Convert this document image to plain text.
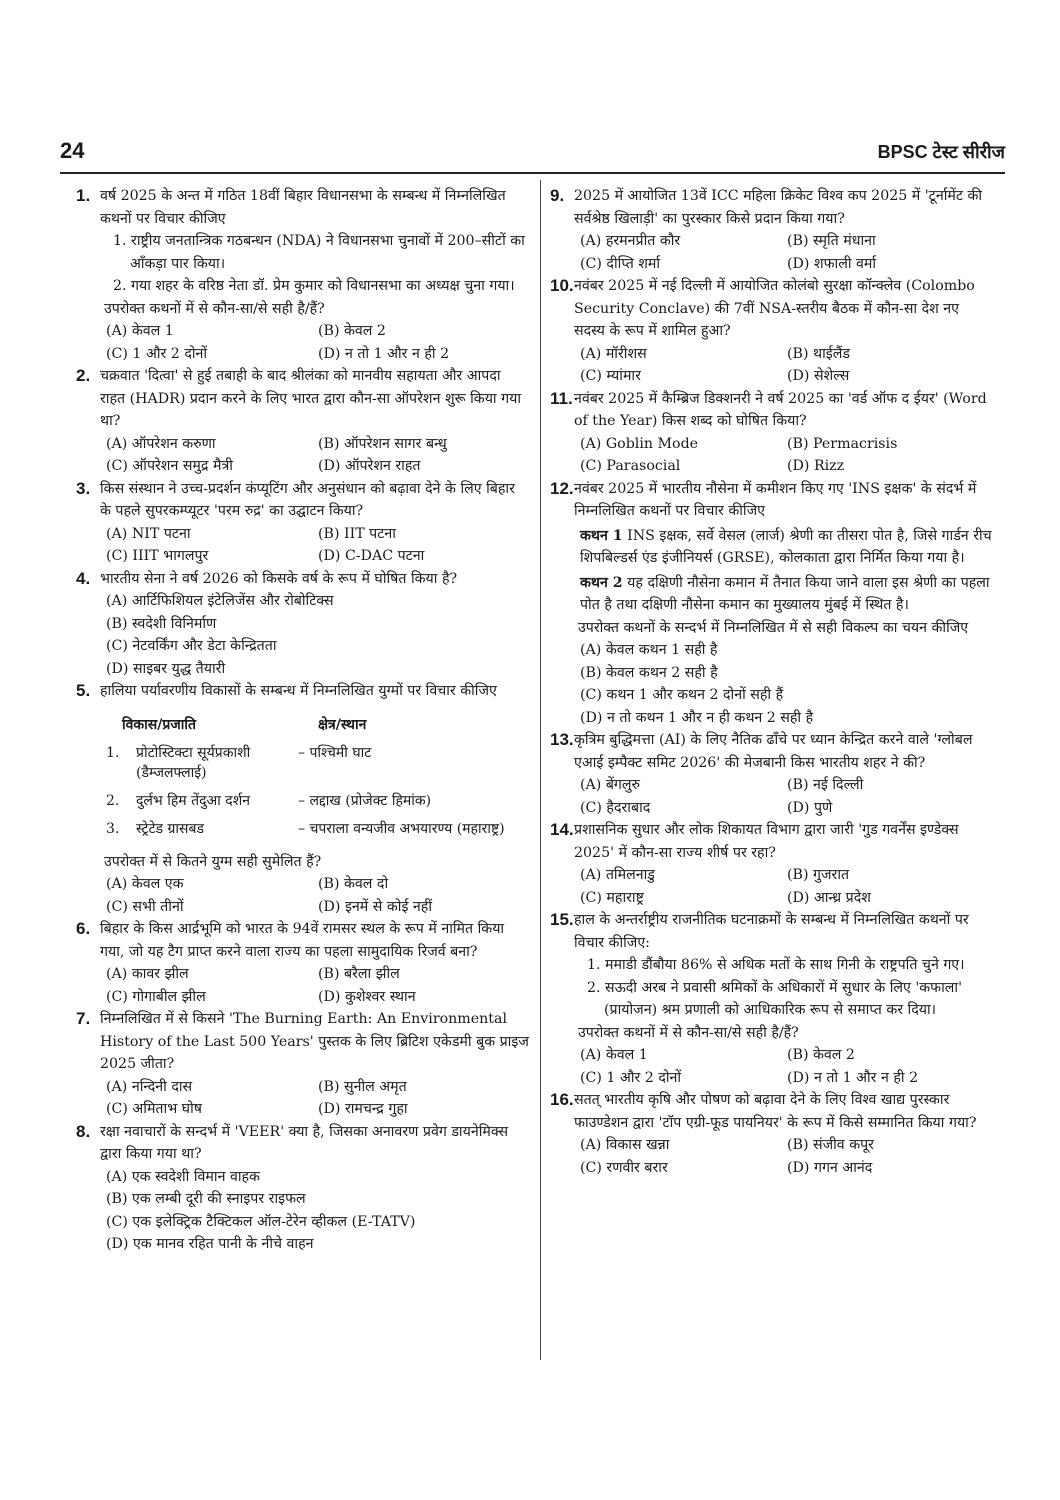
24	BPSC टेस्ट सीरीज
1. वर्ष 2025 के अन्त में गठित 18वीं बिहार विधानसभा के सम्बन्ध में निम्नलिखित कथनों पर विचार कीजिए
1. राष्ट्रीय जनतान्त्रिक गठबन्धन (NDA) ने विधानसभा चुनावों में 200–सीटों का आँकड़ा पार किया।
2. गया शहर के वरिष्ठ नेता डॉ. प्रेम कुमार को विधानसभा का अध्यक्ष चुना गया।
उपरोक्त कथनों में से कौन-सा/से सही है/हैं?
(A) केवल 1	(B) केवल 2
(C) 1 और 2 दोनों	(D) न तो 1 और न ही 2
2. चक्रवात 'दित्वा' से हुई तबाही के बाद श्रीलंका को मानवीय सहायता और आपदा राहत (HADR) प्रदान करने के लिए भारत द्वारा कौन-सा ऑपरेशन शुरू किया गया था?
(A) ऑपरेशन करुणा	(B) ऑपरेशन सागर बन्धु
(C) ऑपरेशन समुद्र मैत्री	(D) ऑपरेशन राहत
3. किस संस्थान ने उच्च-प्रदर्शन कंप्यूटिंग और अनुसंधान को बढ़ावा देने के लिए बिहार के पहले सुपरकम्प्यूटर 'परम रुद्र' का उद्घाटन किया?
(A) NIT पटना	(B) IIT पटना
(C) IIIT भागलपुर	(D) C-DAC पटना
4. भारतीय सेना ने वर्ष 2026 को किसके वर्ष के रूप में घोषित किया है?
(A) आर्टिफिशियल इंटेलिजेंस और रोबोटिक्स
(B) स्वदेशी विनिर्माण
(C) नेटवर्किंग और डेटा केन्द्रितता
(D) साइबर युद्ध तैयारी
5. हालिया पर्यावरणीय विकासों के सम्बन्ध में निम्नलिखित युग्मों पर विचार कीजिए
विकास/प्रजाति		क्षेत्र/स्थान
1.	प्रोटोस्टिक्टा सूर्यप्रकाशी (डैम्जलफ्लाई)	– पश्चिमी घाट
2.	दुर्लभ हिम तेंदुआ दर्शन	– लद्दाख (प्रोजेक्ट हिमांक)
3.	स्ट्रेटेड ग्रासबड	– चपराला वन्यजीव अभयारण्य (महाराष्ट्र)
उपरोक्त में से कितने युग्म सही सुमेलित हैं?
(A) केवल एक	(B) केवल दो
(C) सभी तीनों	(D) इनमें से कोई नहीं
6. बिहार के किस आर्द्रभूमि को भारत के 94वें रामसर स्थल के रूप में नामित किया गया, जो यह टैग प्राप्त करने वाला राज्य का पहला सामुदायिक रिजर्व बना?
(A) कावर झील	(B) बरैला झील
(C) गोगाबील झील	(D) कुशेश्वर स्थान
7. निम्नलिखित में से किसने 'The Burning Earth: An Environmental History of the Last 500 Years' पुस्तक के लिए ब्रिटिश एकेडमी बुक प्राइज 2025 जीता?
(A) नन्दिनी दास	(B) सुनील अमृत
(C) अमिताभ घोष	(D) रामचन्द्र गुहा
8. रक्षा नवाचारों के सन्दर्भ में 'VEER' क्या है, जिसका अनावरण प्रवेग डायनेमिक्स द्वारा किया गया था?
(A) एक स्वदेशी विमान वाहक
(B) एक लम्बी दूरी की स्नाइपर राइफल
(C) एक इलेक्ट्रिक टैक्टिकल ऑल-टेरेन व्हीकल (E-TATV)
(D) एक मानव रहित पानी के नीचे वाहन
9. 2025 में आयोजित 13वें ICC महिला क्रिकेट विश्व कप 2025 में 'टूर्नामेंट की सर्वश्रेष्ठ खिलाड़ी' का पुरस्कार किसे प्रदान किया गया?
(A) हरमनप्रीत कौर	(B) स्मृति मंधाना
(C) दीप्ति शर्मा	(D) शफाली वर्मा
10. नवंबर 2025 में नई दिल्ली में आयोजित कोलंबो सुरक्षा कॉन्क्लेव (Colombo Security Conclave) की 7वीं NSA-स्तरीय बैठक में कौन-सा देश नए सदस्य के रूप में शामिल हुआ?
(A) मॉरीशस	(B) थाईलैंड
(C) म्यांमार	(D) सेशेल्स
11. नवंबर 2025 में कैम्ब्रिज डिक्शनरी ने वर्ष 2025 का 'वर्ड ऑफ द ईयर' (Word of the Year) किस शब्द को घोषित किया?
(A) Goblin Mode	(B) Permacrisis
(C) Parasocial	(D) Rizz
12. नवंबर 2025 में भारतीय नौसेना में कमीशन किए गए 'INS इक्षक' के संदर्भ में निम्नलिखित कथनों पर विचार कीजिए
कथन 1 INS इक्षक, सर्वे वेसल (लार्ज) श्रेणी का तीसरा पोत है, जिसे गार्डन रीच शिपबिल्डर्स एंड इंजीनियर्स (GRSE), कोलकाता द्वारा निर्मित किया गया है।
कथन 2 यह दक्षिणी नौसेना कमान में तैनात किया जाने वाला इस श्रेणी का पहला पोत है तथा दक्षिणी नौसेना कमान का मुख्यालय मुंबई में स्थित है।
उपरोक्त कथनों के सन्दर्भ में निम्नलिखित में से सही विकल्प का चयन कीजिए
(A) केवल कथन 1 सही है
(B) केवल कथन 2 सही है
(C) कथन 1 और कथन 2 दोनों सही हैं
(D) न तो कथन 1 और न ही कथन 2 सही है
13. कृत्रिम बुद्धिमत्ता (AI) के लिए नैतिक ढाँचे पर ध्यान केन्द्रित करने वाले 'ग्लोबल एआई इम्पैक्ट समिट 2026' की मेजबानी किस भारतीय शहर ने की?
(A) बेंगलुरु	(B) नई दिल्ली
(C) हैदराबाद	(D) पुणे
14. प्रशासनिक सुधार और लोक शिकायत विभाग द्वारा जारी 'गुड गवर्नेंस इण्डेक्स 2025' में कौन-सा राज्य शीर्ष पर रहा?
(A) तमिलनाडु	(B) गुजरात
(C) महाराष्ट्र	(D) आन्ध्र प्रदेश
15. हाल के अन्तर्राष्ट्रीय राजनीतिक घटनाक्रमों के सम्बन्ध में निम्नलिखित कथनों पर विचार कीजिए:
1. ममाडी डौंबौया 86% से अधिक मतों के साथ गिनी के राष्ट्रपति चुने गए।
2. सऊदी अरब ने प्रवासी श्रमिकों के अधिकारों में सुधार के लिए 'कफाला' (प्रायोजन) श्रम प्रणाली को आधिकारिक रूप से समाप्त कर दिया।
उपरोक्त कथनों में से कौन-सा/से सही है/हैं?
(A) केवल 1	(B) केवल 2
(C) 1 और 2 दोनों	(D) न तो 1 और न ही 2
16. सतत् भारतीय कृषि और पोषण को बढ़ावा देने के लिए विश्व खाद्य पुरस्कार फाउण्डेशन द्वारा 'टॉप एग्री-फूड पायनियर' के रूप में किसे सम्मानित किया गया?
(A) विकास खन्ना	(B) संजीव कपूर
(C) रणवीर बरार	(D) गगन आनंद
